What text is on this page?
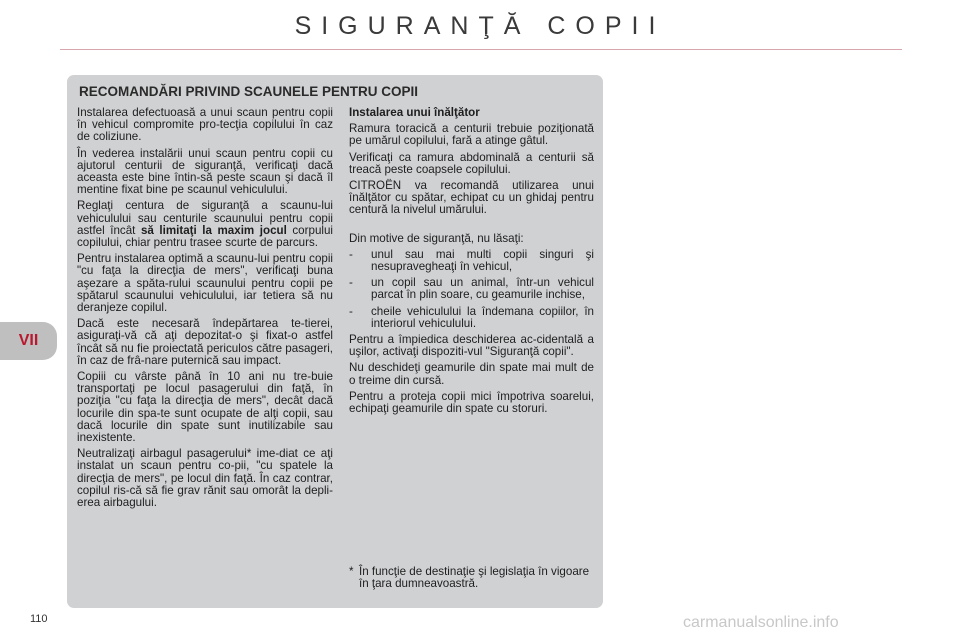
SIGURANŢĂ COPII
VII
RECOMANDĂRI PRIVIND SCAUNELE PENTRU COPII

Instalarea defectuoasă a unui scaun pentru copii în vehicul compromite pro-tecţia copilului în caz de coliziune.

În vederea instalării unui scaun pentru copii cu ajutorul centurii de siguranţă, verificaţi dacă aceasta este bine întin-să peste scaun şi dacă îl mentine fixat bine pe scaunul vehiculului.

Reglaţi centura de siguranţă a scaunu-lui vehiculului sau centurile scaunului pentru copii astfel încât să limitaţi la maxim jocul corpului copilului, chiar pentru trasee scurte de parcurs.

Pentru instalarea optimă a scaunu-lui pentru copii "cu faţa la direcţia de mers", verificaţi buna aşezare a spăta-rului scaunului pentru copii pe spătarul scaunului vehiculului, iar tetiera să nu deranjeze copilul.

Dacă este necesară îndepărtarea te-tierei, asiguraţi-vă că aţi depozitat-o şi fixat-o astfel încât să nu fie proiectată periculos către pasageri, în caz de frâ-nare puternică sau impact.

Copiii cu vârste până în 10 ani nu tre-buie transportaţi pe locul pasagerului din faţă, în poziţia "cu faţa la direcţia de mers", decât dacă locurile din spa-te sunt ocupate de alţi copii, sau dacă locurile din spate sunt inutilizabile sau inexistente.

Neutralizaţi airbagul pasagerului* ime-diat ce aţi instalat un scaun pentru co-pii, "cu spatele la direcţia de mers", pe locul din faţă. În caz contrar, copilul ris-că să fie grav rănit sau omorât la depli-erea airbagului.

Instalarea unui înălţător

Ramura toracică a centurii trebuie poziţionată pe umărul copilului, fară a atinge gâtul.

Verificaţi ca ramura abdominală a centurii să treacă peste coapsele copilului.

CITROËN va recomandă utilizarea unui înălţător cu spătar, echipat cu un ghidaj pentru centură la nivelul umărului.

Din motive de siguranţă, nu lăsaţi:

-	unul sau mai multi copii singuri şi nesupravegheaţi în vehicul,
-	un copil sau un animal, într-un vehicul parcat în plin soare, cu geamurile inchise,
-	cheile vehiculului la îndemana copiilor, în interiorul vehiculului.

Pentru a împiedica deschiderea ac-cidentală a uşilor, activaţi dispoziti-vul "Siguranţă copii".

Nu deschideţi geamurile din spate mai mult de o treime din cursă.

Pentru a proteja copii mici împotriva soarelui, echipaţi geamurile din spate cu storuri.

* În funcţie de destinaţie şi legislaţia în vigoare în ţara dumneavoastră.
110	carmanualsonline.info
